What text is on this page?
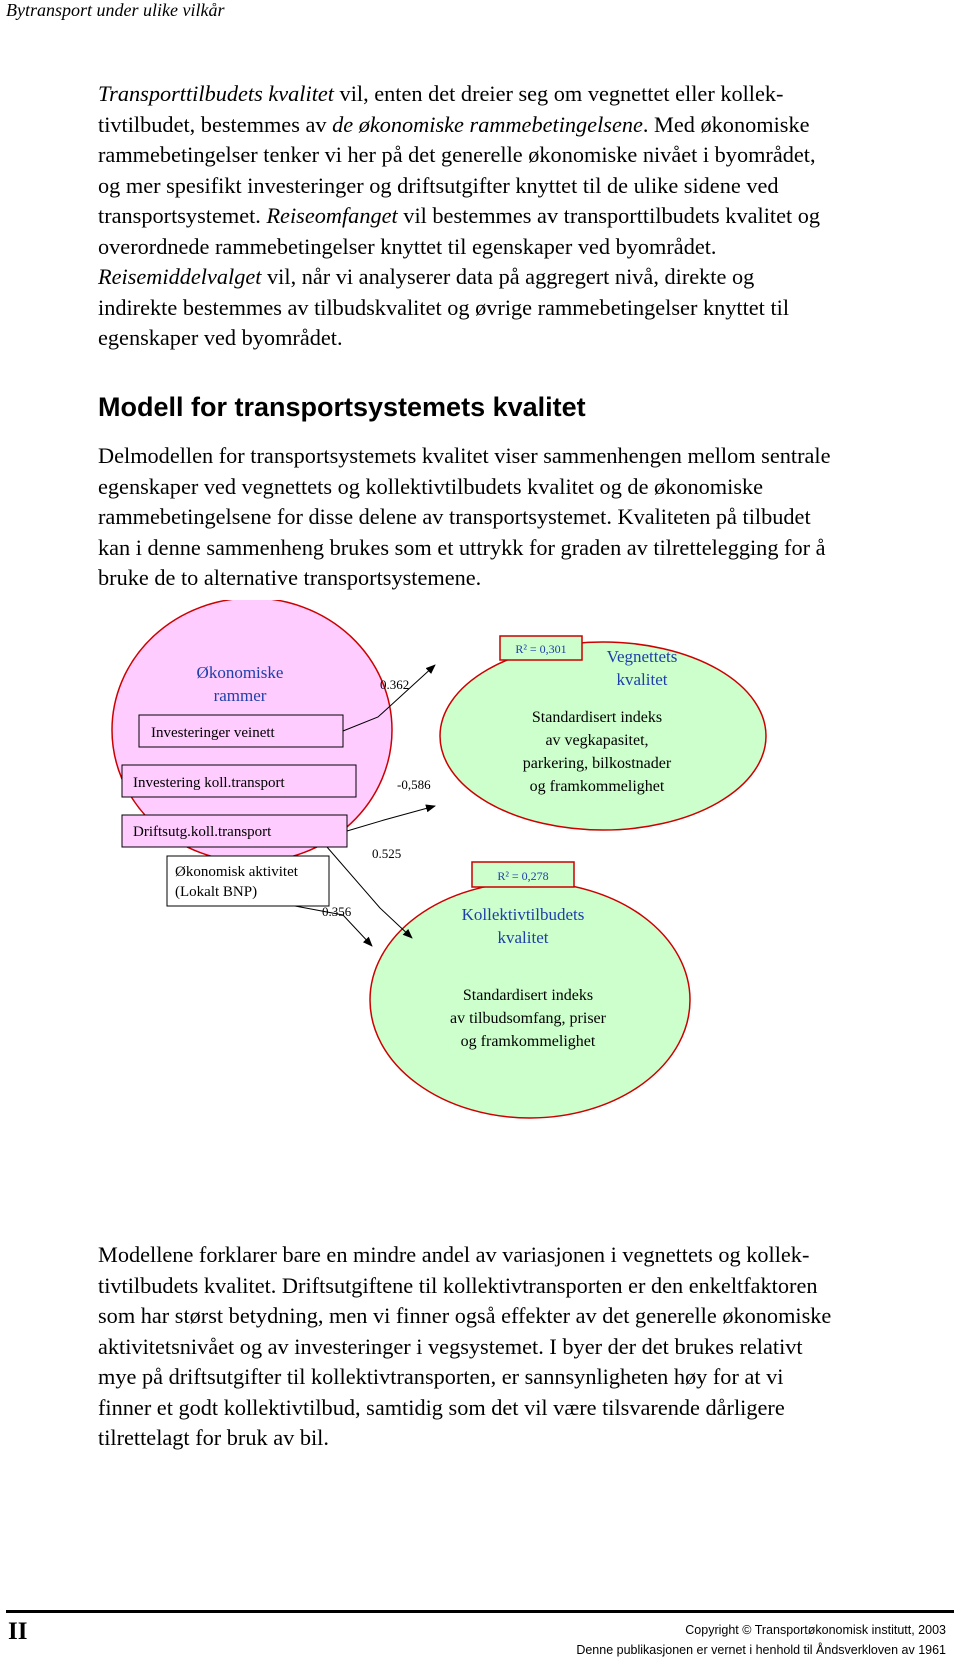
Bytransport under ulike vilkår
Transporttilbudets kvalitet vil, enten det dreier seg om vegnettet eller kollek-
tivtilbudet, bestemmes av de økonomiske rammebetingelsene. Med økonomiske
rammebetingelser tenker vi her på det generelle økonomiske nivået i byområdet,
og mer spesifikt investeringer og driftsutgifter knyttet til de ulike sidene ved
transportsystemet. Reiseomfanget vil bestemmes av transporttilbudets kvalitet og
overordnede rammebetingelser knyttet til egenskaper ved byområdet.
Reisemiddelvalget vil, når vi analyserer data på aggregert nivå, direkte og
indirekte bestemmes av tilbudskvalitet og øvrige rammebetingelser knyttet til
egenskaper ved byområdet.
Modell for transportsystemets kvalitet
Delmodellen for transportsystemets kvalitet viser sammenhengen mellom sentrale
egenskaper ved vegnettets og kollektivtilbudets kvalitet og de økonomiske
rammebetingelsene for disse delene av transportsystemet. Kvaliteten på tilbudet
kan i denne sammenheng brukes som et uttrykk for graden av tilrettelegging for å
bruke de to alternative transportsystemene.
Økonomiske
rammer
Investeringer veinett
Investering koll.transport
Driftsutg.koll.transport
Økonomisk aktivitet
(Lokalt BNP)
R² = 0,301 Vegnettets
kvalitet
Standardisert indeks
av vegkapasitet,
parkering, bilkostnader
og framkommelighet
R² = 0,278
Kollektivtilbudets
kvalitet
Standardisert indeks
av tilbudsomfang, priser
og framkommelighet
0.362
-0,586
0.525
0.356
Modellene forklarer bare en mindre andel av variasjonen i vegnettets og kollek-
tivtilbudets kvalitet. Driftsutgiftene til kollektivtransporten er den enkeltfaktoren
som har størst betydning, men vi finner også effekter av det generelle økonomiske
aktivitetsnivået og av investeringer i vegsystemet. I byer der det brukes relativt
mye på driftsutgifter til kollektivtransporten, er sannsynligheten høy for at vi
finner et godt kollektivtilbud, samtidig som det vil være tilsvarende dårligere
tilrettelagt for bruk av bil.
II	Copyright © Transportøkonomisk institutt, 2003
Denne publikasjonen er vernet i henhold til Åndsverkloven av 1961
